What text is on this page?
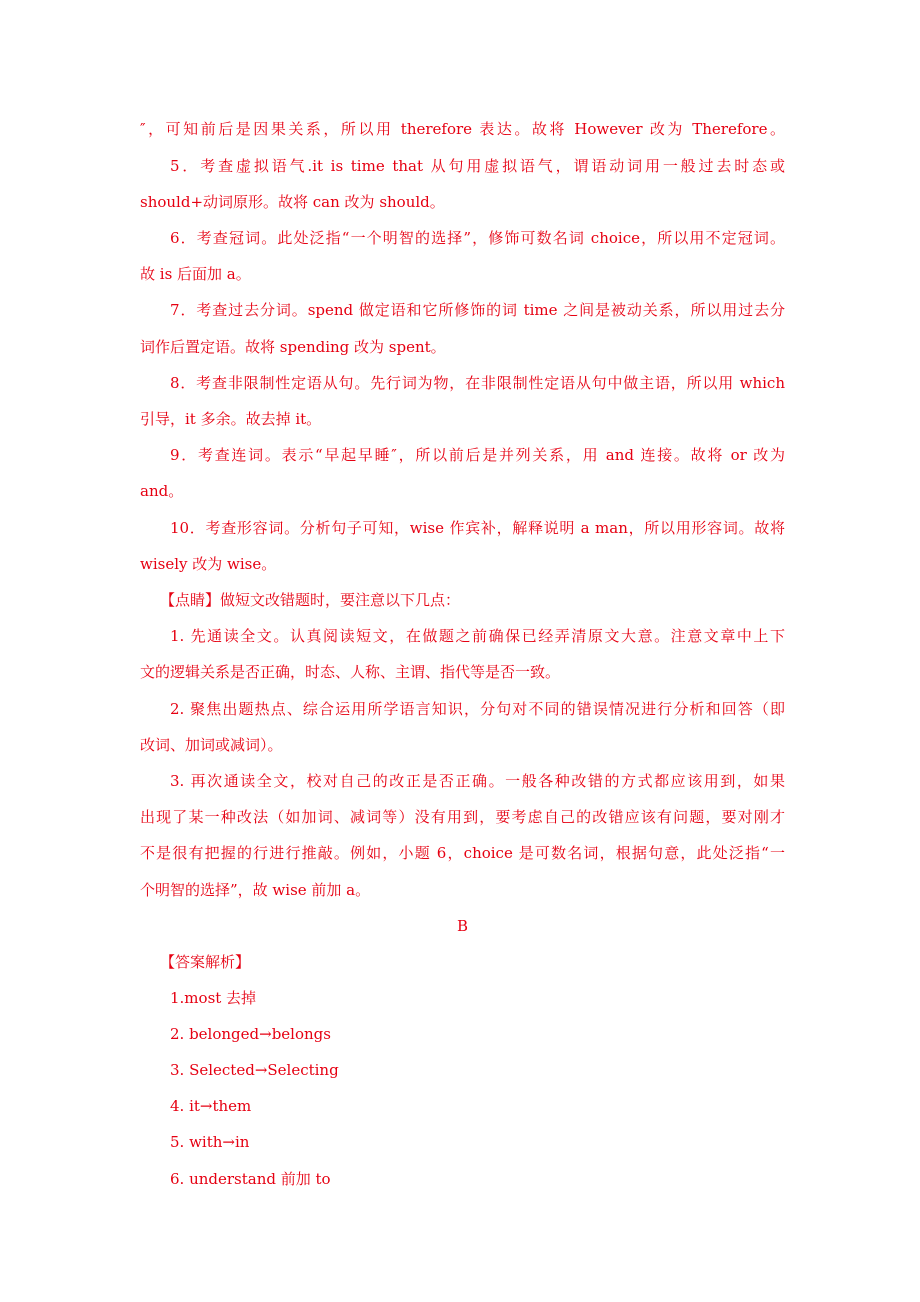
″，可知前后是因果关系，所以用 therefore 表达。故将 However 改为 Therefore。
5．考查虚拟语气.it is time that 从句用虚拟语气，谓语动词用一般过去时态或
should+动词原形。故将 can 改为 should。
6．考查冠词。此处泛指“一个明智的选择”，修饰可数名词 choice，所以用不定冠词。
故 is 后面加 a。
7．考查过去分词。spend 做定语和它所修饰的词 time 之间是被动关系，所以用过去分
词作后置定语。故将 spending 改为 spent。
8．考查非限制性定语从句。先行词为物，在非限制性定语从句中做主语，所以用 which
引导，it 多余。故去掉 it。
9．考查连词。表示“早起早睡″，所以前后是并列关系，用 and 连接。故将 or 改为
and。
10．考查形容词。分析句子可知，wise 作宾补，解释说明 a man，所以用形容词。故将
wisely 改为 wise。
【点睛】做短文改错题时，要注意以下几点：
1. 先通读全文。认真阅读短文，在做题之前确保已经弄清原文大意。注意文章中上下
文的逻辑关系是否正确，时态、人称、主谓、指代等是否一致。
2. 聚焦出题热点、综合运用所学语言知识，分句对不同的错误情况进行分析和回答（即
改词、加词或减词）。
3. 再次通读全文，校对自己的改正是否正确。一般各种改错的方式都应该用到，如果
出现了某一种改法（如加词、减词等）没有用到，要考虑自己的改错应该有问题，要对刚才
不是很有把握的行进行推敲。例如，小题 6，choice 是可数名词，根据句意，此处泛指“一
个明智的选择”，故 wise 前加 a。
B
【答案解析】
1.most 去掉
2. belonged→belongs
3. Selected→Selecting
4. it→them
5. with→in
6. understand 前加 to
